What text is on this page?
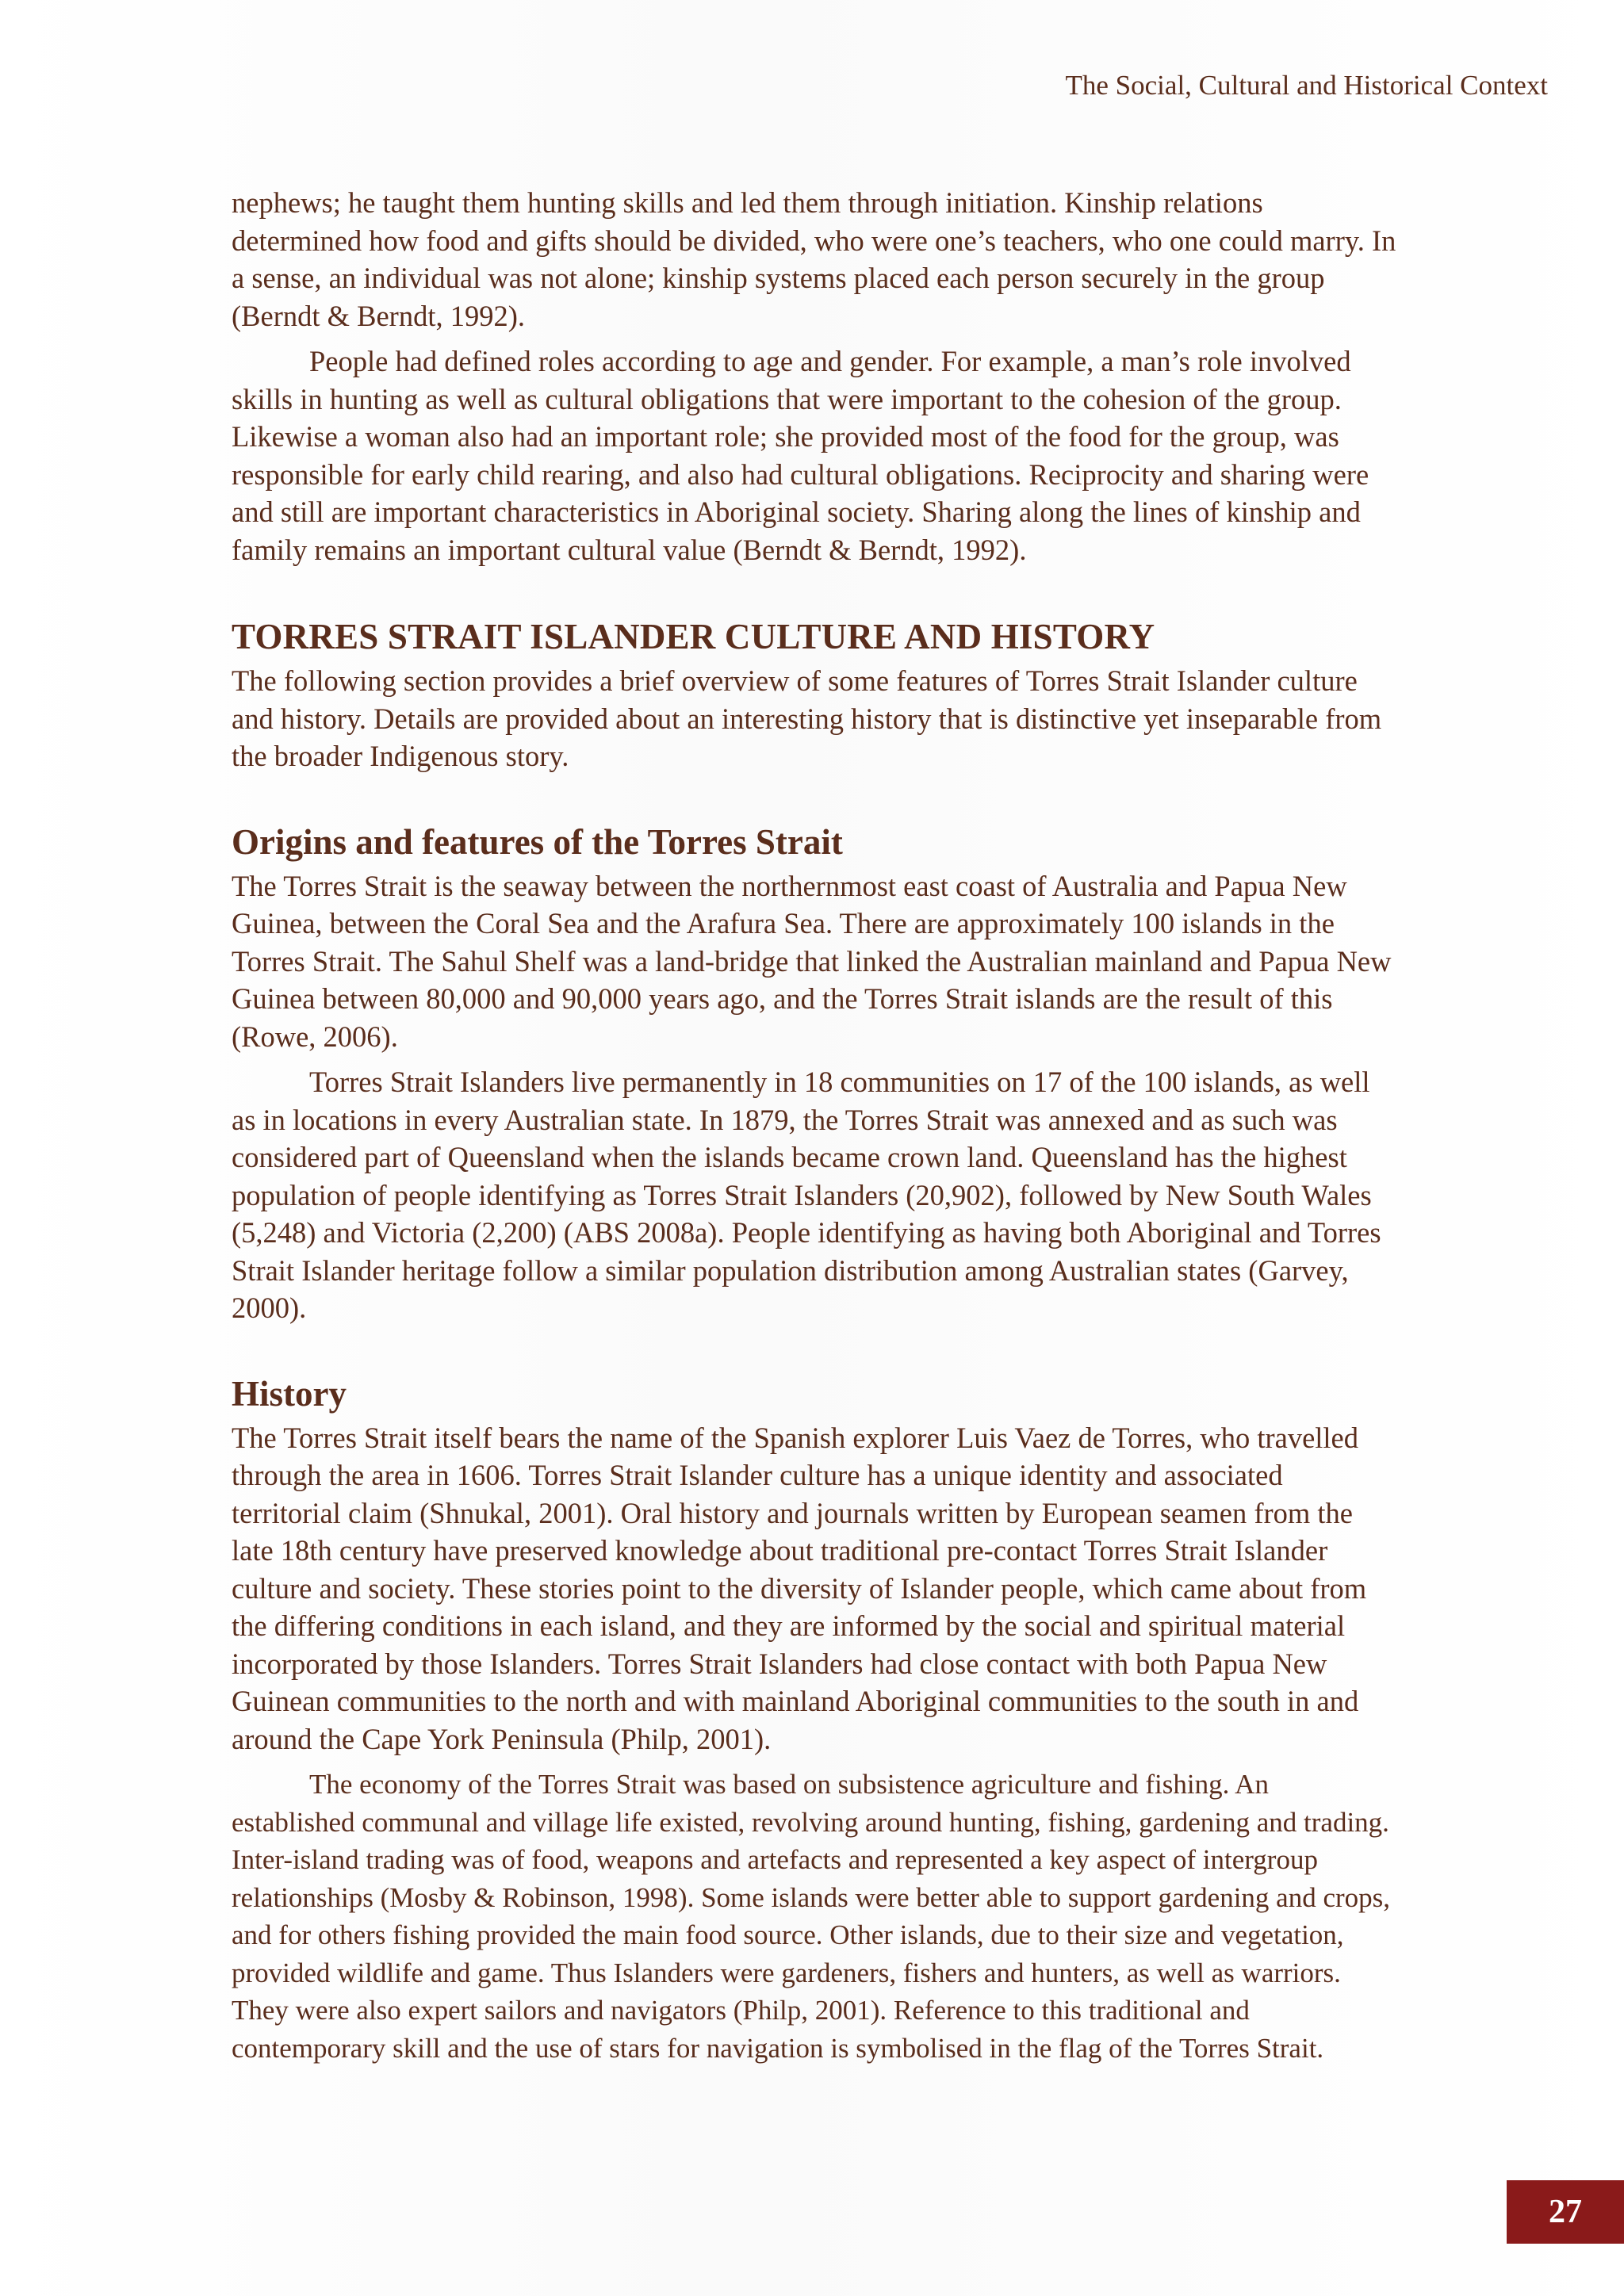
The Social, Cultural and Historical Context

nephews; he taught them hunting skills and led them through initiation. Kinship relations determined how food and gifts should be divided, who were one’s teachers, who one could marry. In a sense, an individual was not alone; kinship systems placed each person securely in the group (Berndt & Berndt, 1992).

People had defined roles according to age and gender. For example, a man’s role involved skills in hunting as well as cultural obligations that were important to the cohesion of the group. Likewise a woman also had an important role; she provided most of the food for the group, was responsible for early child rearing, and also had cultural obligations. Reciprocity and sharing were and still are important characteristics in Aboriginal society. Sharing along the lines of kinship and family remains an important cultural value (Berndt & Berndt, 1992).

TORRES STRAIT ISLANDER CULTURE AND HISTORY

The following section provides a brief overview of some features of Torres Strait Islander culture and history. Details are provided about an interesting history that is distinctive yet inseparable from the broader Indigenous story.

Origins and features of the Torres Strait

The Torres Strait is the seaway between the northernmost east coast of Australia and Papua New Guinea, between the Coral Sea and the Arafura Sea. There are approximately 100 islands in the Torres Strait. The Sahul Shelf was a land-bridge that linked the Australian mainland and Papua New Guinea between 80,000 and 90,000 years ago, and the Torres Strait islands are the result of this (Rowe, 2006).

Torres Strait Islanders live permanently in 18 communities on 17 of the 100 islands, as well as in locations in every Australian state. In 1879, the Torres Strait was annexed and as such was considered part of Queensland when the islands became crown land. Queensland has the highest population of people identifying as Torres Strait Islanders (20,902), followed by New South Wales (5,248) and Victoria (2,200) (ABS 2008a). People identifying as having both Aboriginal and Torres Strait Islander heritage follow a similar population distribution among Australian states (Garvey, 2000).

History

The Torres Strait itself bears the name of the Spanish explorer Luis Vaez de Torres, who travelled through the area in 1606. Torres Strait Islander culture has a unique identity and associated territorial claim (Shnukal, 2001). Oral history and journals written by European seamen from the late 18th century have preserved knowledge about traditional pre-contact Torres Strait Islander culture and society. These stories point to the diversity of Islander people, which came about from the differing conditions in each island, and they are informed by the social and spiritual material incorporated by those Islanders. Torres Strait Islanders had close contact with both Papua New Guinean communities to the north and with mainland Aboriginal communities to the south in and around the Cape York Peninsula (Philp, 2001).

The economy of the Torres Strait was based on subsistence agriculture and fishing. An established communal and village life existed, revolving around hunting, fishing, gardening and trading. Inter-island trading was of food, weapons and artefacts and represented a key aspect of intergroup relationships (Mosby & Robinson, 1998). Some islands were better able to support gardening and crops, and for others fishing provided the main food source. Other islands, due to their size and vegetation, provided wildlife and game. Thus Islanders were gardeners, fishers and hunters, as well as warriors. They were also expert sailors and navigators (Philp, 2001). Reference to this traditional and contemporary skill and the use of stars for navigation is symbolised in the flag of the Torres Strait.

27
